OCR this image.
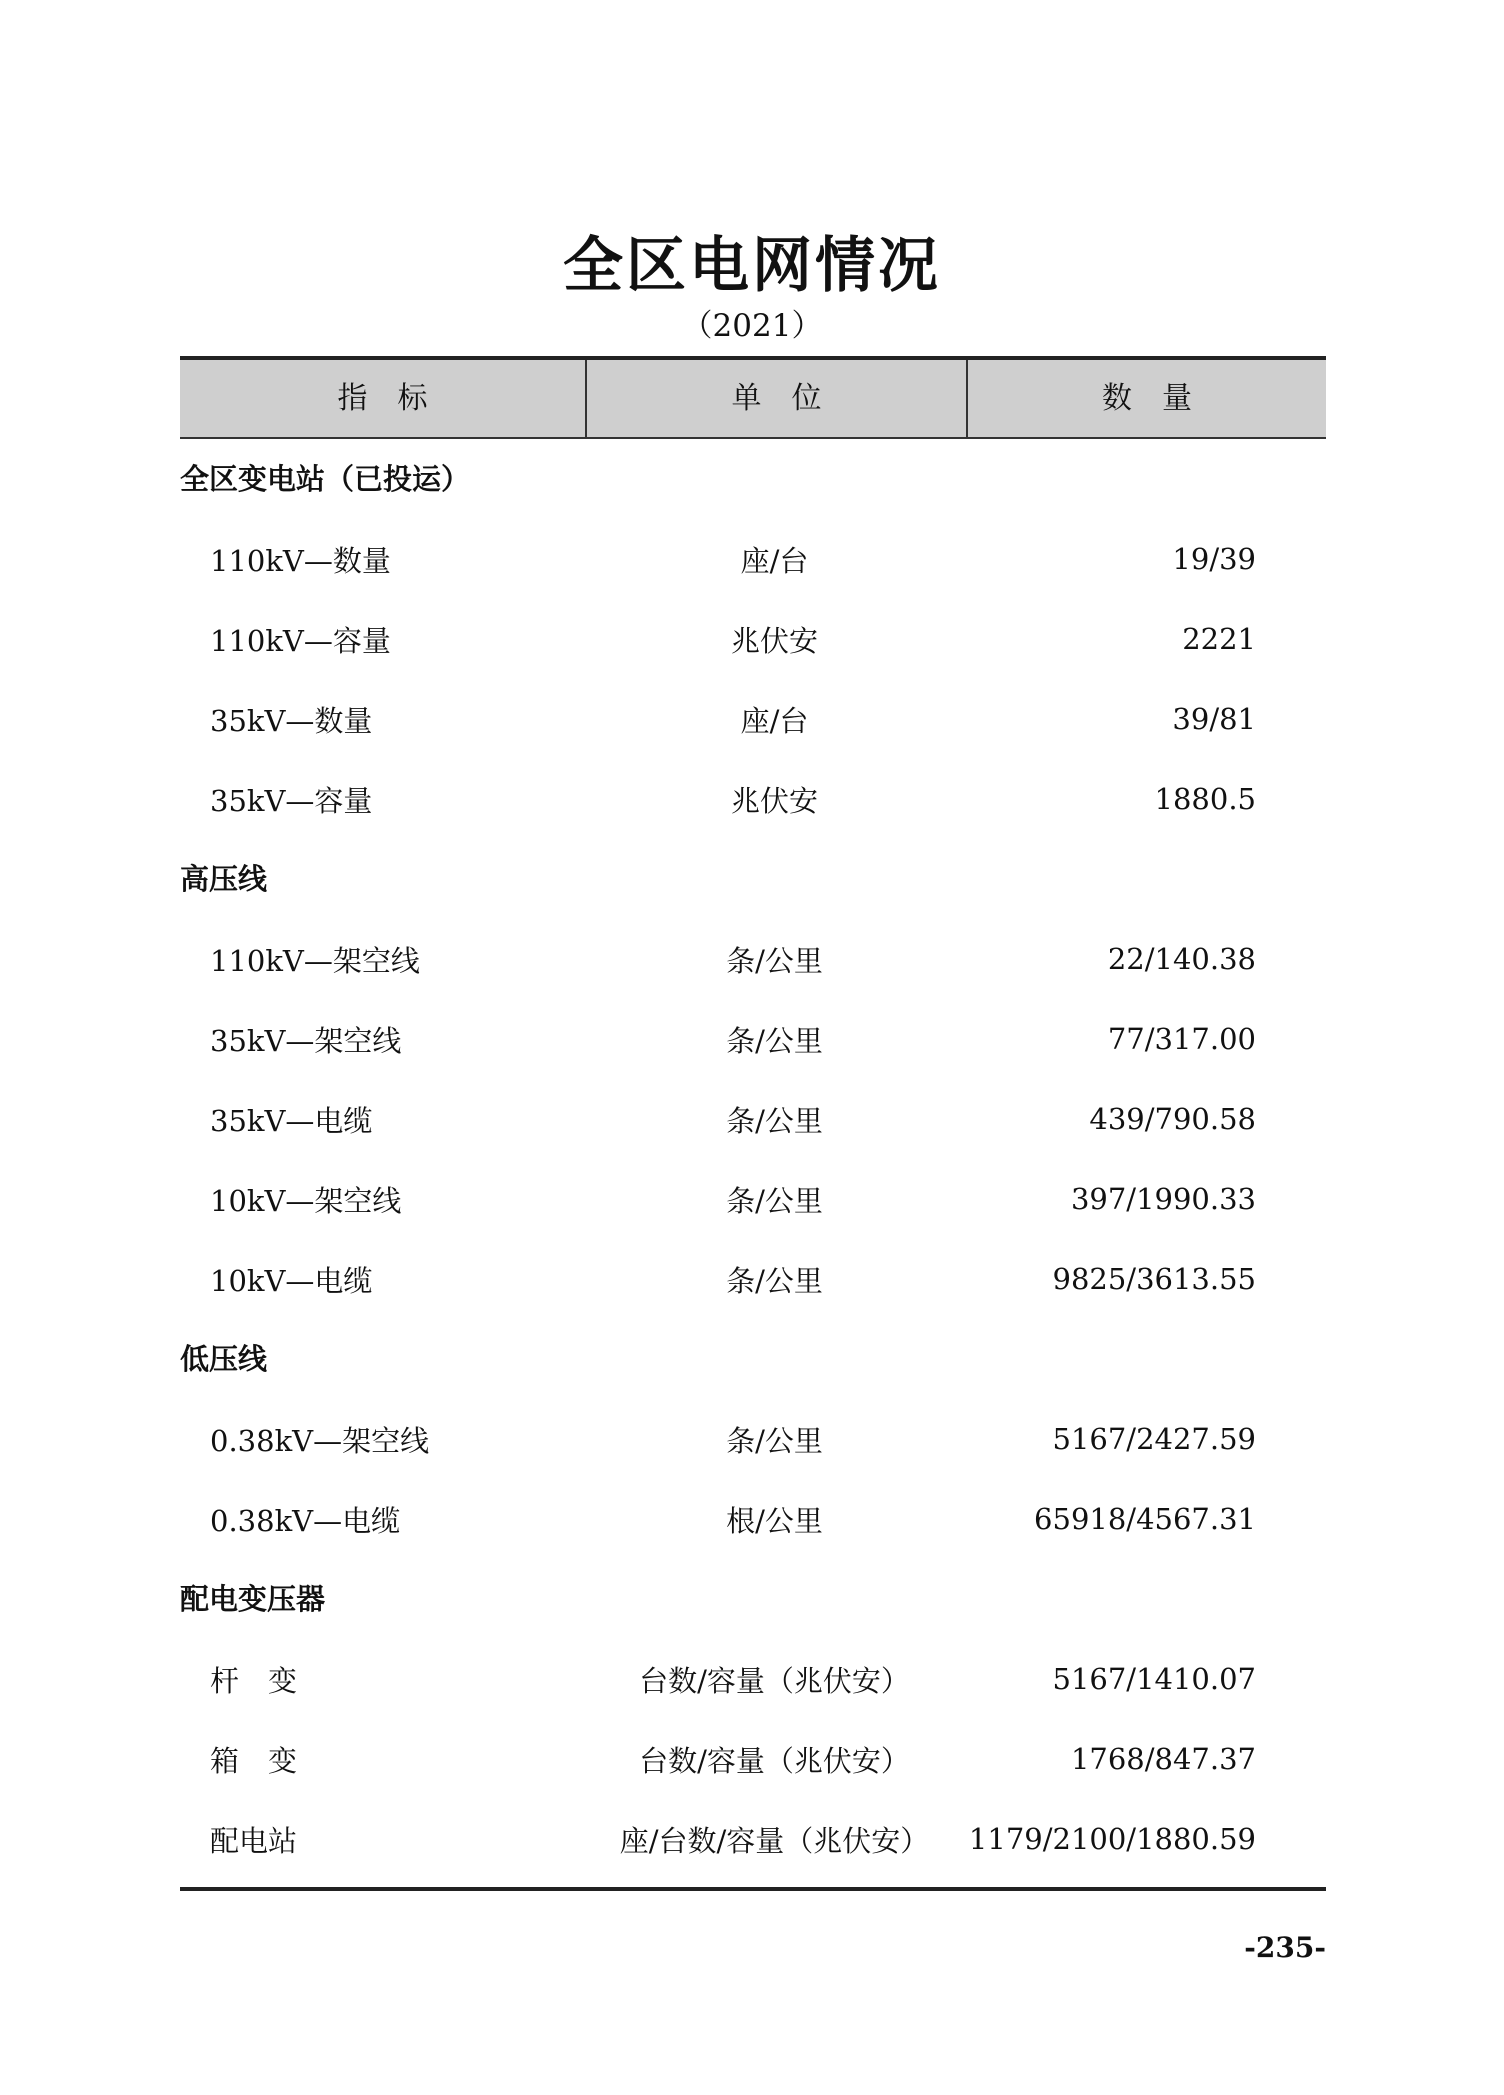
全区电网情况
（2021）
指　标	单　位	数　量
全区变电站（已投运）
110kV—数量	座/台	19/39
110kV—容量	兆伏安	2221
35kV—数量	座/台	39/81
35kV—容量	兆伏安	1880.5
高压线
110kV—架空线	条/公里	22/140.38
35kV—架空线	条/公里	77/317.00
35kV—电缆	条/公里	439/790.58
10kV—架空线	条/公里	397/1990.33
10kV—电缆	条/公里	9825/3613.55
低压线
0.38kV—架空线	条/公里	5167/2427.59
0.38kV—电缆	根/公里	65918/4567.31
配电变压器
杆　变	台数/容量（兆伏安）	5167/1410.07
箱　变	台数/容量（兆伏安）	1768/847.37
配电站	座/台数/容量（兆伏安）	1179/2100/1880.59
-235-
